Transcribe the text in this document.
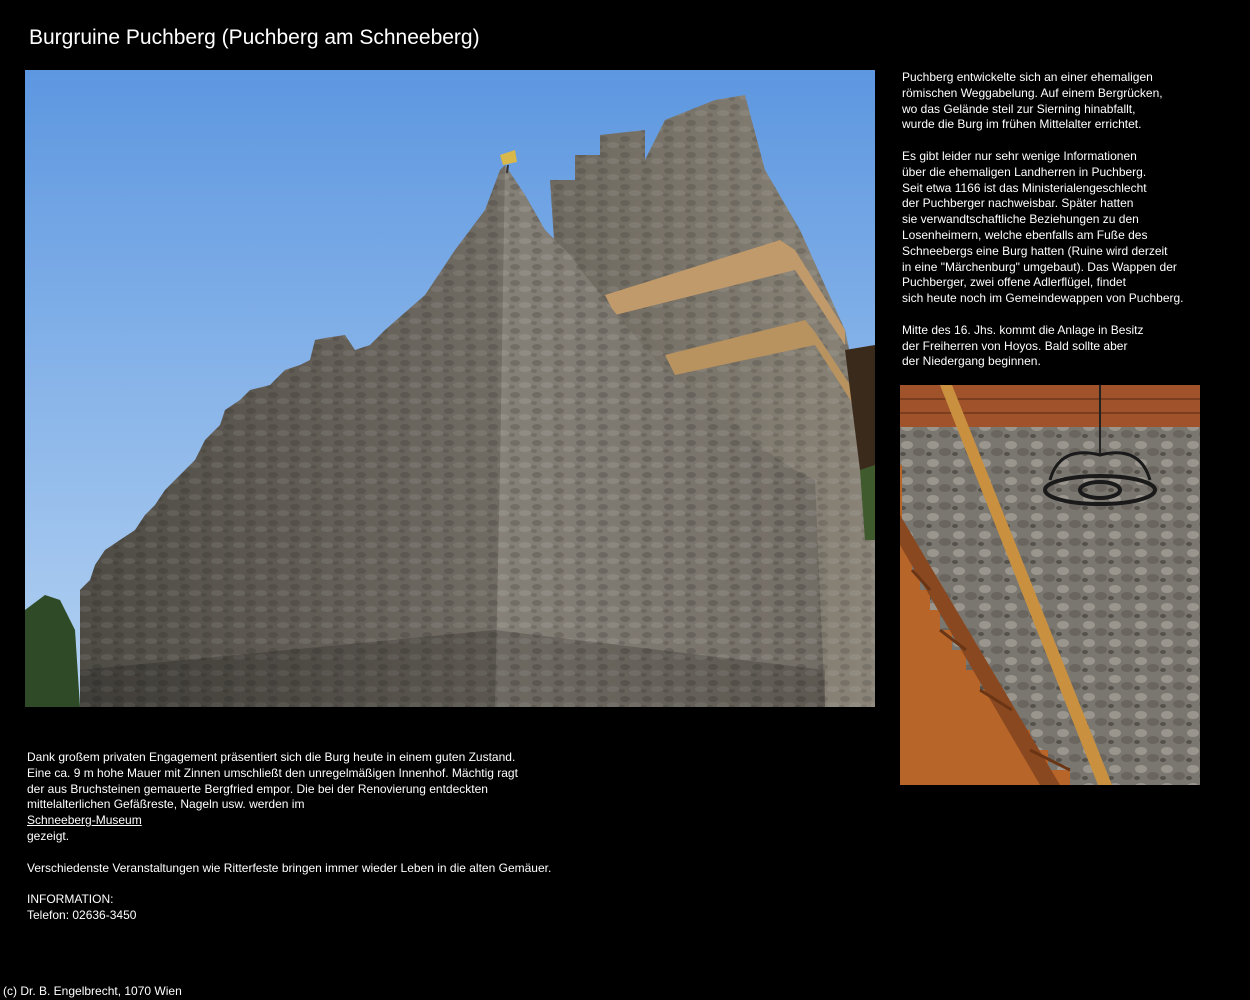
Burgruine Puchberg (Puchberg am Schneeberg)

Puchberg entwickelte sich an einer ehemaligen
römischen Weggabelung. Auf einem Bergrücken,
wo das Gelände steil zur Sierning hinabfallt,
wurde die Burg im frühen Mittelalter errichtet.

Es gibt leider nur sehr wenige Informationen
über die ehemaligen Landherren in Puchberg.
Seit etwa 1166 ist das Ministerialengeschlecht
der Puchberger nachweisbar. Später hatten
sie verwandtschaftliche Beziehungen zu den
Losenheimern, welche ebenfalls am Fuße des
Schneebergs eine Burg hatten (Ruine wird derzeit
in eine "Märchenburg" umgebaut). Das Wappen der
Puchberger, zwei offene Adlerflügel, findet
sich heute noch im Gemeindewappen von Puchberg.

Mitte des 16. Jhs. kommt die Anlage in Besitz
der Freiherren von Hoyos. Bald sollte aber
der Niedergang beginnen.

Dank großem privaten Engagement präsentiert sich die Burg heute in einem guten Zustand.
Eine ca. 9 m hohe Mauer mit Zinnen umschließt den unregelmäßigen Innenhof. Mächtig ragt
der aus Bruchsteinen gemauerte Bergfried empor. Die bei der Renovierung entdeckten
mittelalterlichen Gefäßreste, Nageln usw. werden im
Schneeberg-Museum
gezeigt.
Verschiedenste Veranstaltungen wie Ritterfeste bringen immer wieder Leben in die alten Gemäuer.
INFORMATION:
Telefon: 02636-3450
(c) Dr. B. Engelbrecht, 1070 Wien
